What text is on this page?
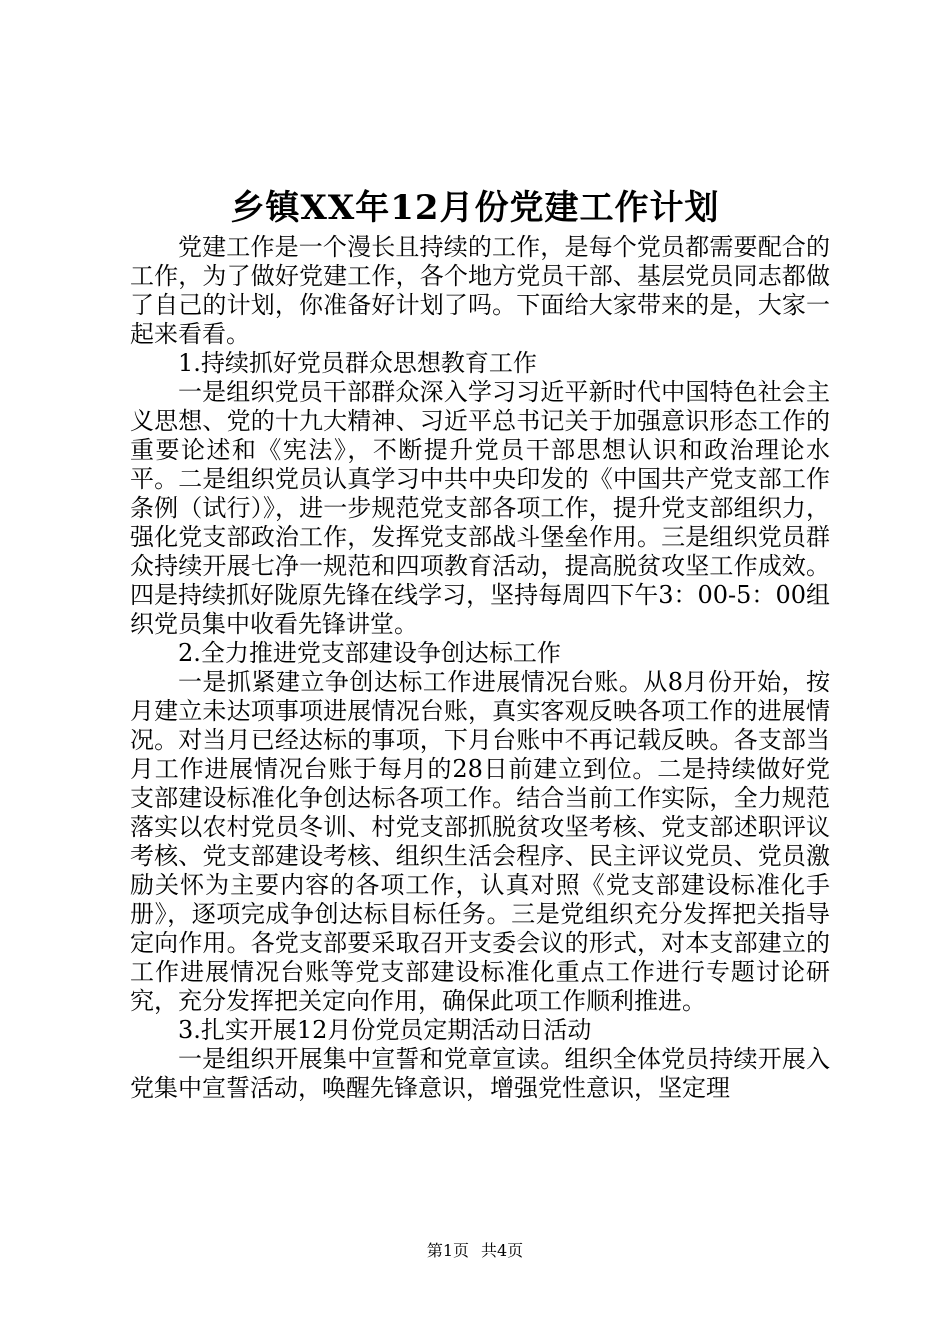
乡镇XX年12月份党建工作计划

党建工作是一个漫长且持续的工作，是每个党员都需要配合的工作，为了做好党建工作，各个地方党员干部、基层党员同志都做了自己的计划，你准备好计划了吗。下面给大家带来的是，大家一起来看看。

1.持续抓好党员群众思想教育工作

一是组织党员干部群众深入学习习近平新时代中国特色社会主义思想、党的十九大精神、习近平总书记关于加强意识形态工作的重要论述和《宪法》，不断提升党员干部思想认识和政治理论水平。二是组织党员认真学习中共中央印发的《中国共产党支部工作条例（试行）》，进一步规范党支部各项工作，提升党支部组织力，强化党支部政治工作，发挥党支部战斗堡垒作用。三是组织党员群众持续开展七净一规范和四项教育活动，提高脱贫攻坚工作成效。四是持续抓好陇原先锋在线学习，坚持每周四下午3：00-5：00组织党员集中收看先锋讲堂。

2.全力推进党支部建设争创达标工作

一是抓紧建立争创达标工作进展情况台账。从8月份开始，按月建立未达项事项进展情况台账，真实客观反映各项工作的进展情况。对当月已经达标的事项，下月台账中不再记载反映。各支部当月工作进展情况台账于每月的28日前建立到位。二是持续做好党支部建设标准化争创达标各项工作。结合当前工作实际，全力规范落实以农村党员冬训、村党支部抓脱贫攻坚考核、党支部述职评议考核、党支部建设考核、组织生活会程序、民主评议党员、党员激励关怀为主要内容的各项工作，认真对照《党支部建设标准化手册》，逐项完成争创达标目标任务。三是党组织充分发挥把关指导定向作用。各党支部要采取召开支委会议的形式，对本支部建立的工作进展情况台账等党支部建设标准化重点工作进行专题讨论研究，充分发挥把关定向作用，确保此项工作顺利推进。

3.扎实开展12月份党员定期活动日活动

一是组织开展集中宣誓和党章宣读。组织全体党员持续开展入党集中宣誓活动，唤醒先锋意识，增强党性意识，坚定理

第1页 共4页
